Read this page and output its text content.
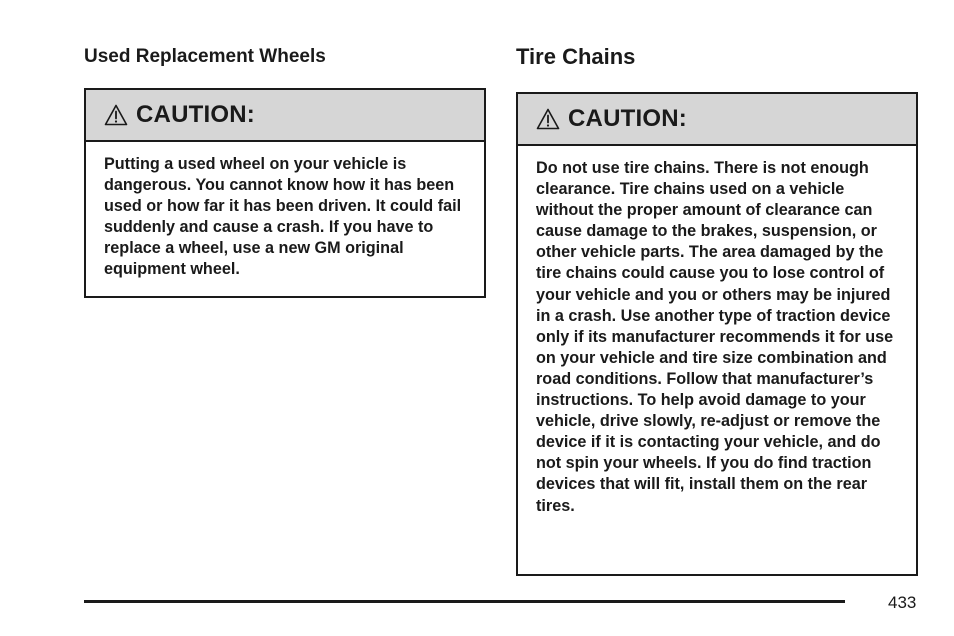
Used Replacement Wheels
CAUTION:

Putting a used wheel on your vehicle is dangerous. You cannot know how it has been used or how far it has been driven. It could fail suddenly and cause a crash. If you have to replace a wheel, use a new GM original equipment wheel.

Tire Chains
CAUTION:

Do not use tire chains. There is not enough clearance. Tire chains used on a vehicle without the proper amount of clearance can cause damage to the brakes, suspension, or other vehicle parts. The area damaged by the tire chains could cause you to lose control of your vehicle and you or others may be injured in a crash. Use another type of traction device only if its manufacturer recommends it for use on your vehicle and tire size combination and road conditions. Follow that manufacturer’s instructions. To help avoid damage to your vehicle, drive slowly, re-adjust or remove the device if it is contacting your vehicle, and do not spin your wheels. If you do find traction devices that will fit, install them on the rear tires.

433
